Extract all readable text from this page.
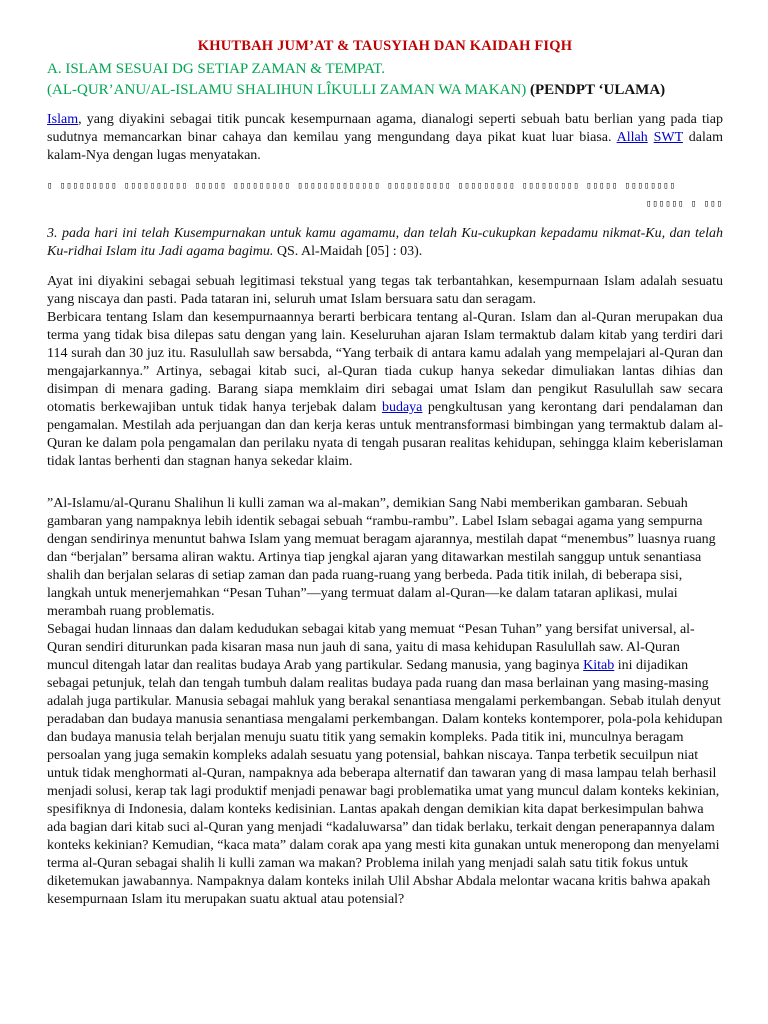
KHUTBAH JUM’AT & TAUSYIAH DAN KAIDAH FIQH
A. ISLAM SESUAI DG SETIAP ZAMAN & TEMPAT.
(AL-QUR’ANU/AL-ISLAMU SHALIHUN LÎKULLI ZAMAN WA MAKAN) (PENDPT ‘ULAMA)

Islam, yang diyakini sebagai titik puncak kesempurnaan agama, dianalogi seperti sebuah batu berlian yang pada tiap sudutnya memancarkan binar cahaya dan kemilau yang mengundang daya pikat kuat luar biasa. Allah SWT dalam kalam-Nya dengan lugas menyatakan.

▯ ▯▯▯▯▯▯▯▯▯ ▯▯▯▯▯▯▯▯▯▯ ▯▯▯▯▯ ▯▯▯▯▯▯▯▯▯ ▯▯▯▯▯▯▯▯▯▯▯▯▯ ▯▯▯▯▯▯▯▯▯▯ ▯▯▯▯▯▯▯▯▯ ▯▯▯▯▯▯▯▯▯ ▯▯▯▯▯ ▯▯▯▯▯▯▯▯
▯▯▯▯▯▯ ▯ ▯▯▯

3. pada hari ini telah Kusempurnakan untuk kamu agamamu, dan telah Ku-cukupkan kepadamu nikmat-Ku, dan telah Ku-ridhai Islam itu Jadi agama bagimu. QS. Al-Maidah [05] : 03).

Ayat ini diyakini sebagai sebuah legitimasi tekstual yang tegas tak terbantahkan, kesempurnaan Islam adalah sesuatu yang niscaya dan pasti. Pada tataran ini, seluruh umat Islam bersuara satu dan seragam.

Berbicara tentang Islam dan kesempurnaannya berarti berbicara tentang al-Quran. Islam dan al-Quran merupakan dua terma yang tidak bisa dilepas satu dengan yang lain. Keseluruhan ajaran Islam termaktub dalam kitab yang terdiri dari 114 surah dan 30 juz itu. Rasulullah saw bersabda, “Yang terbaik di antara kamu adalah yang mempelajari al-Quran dan mengajarkannya.” Artinya, sebagai kitab suci, al-Quran tiada cukup hanya sekedar dimuliakan lantas dihias dan disimpan di menara gading. Barang siapa memklaim diri sebagai umat Islam dan pengikut Rasulullah saw secara otomatis berkewajiban untuk tidak hanya terjebak dalam budaya pengkultusan yang kerontang dari pendalaman dan pengamalan. Mestilah ada perjuangan dan dan kerja keras untuk mentransformasi bimbingan yang termaktub dalam al-Quran ke dalam pola pengamalan dan perilaku nyata di tengah pusaran realitas kehidupan, sehingga klaim keberislaman tidak lantas berhenti dan stagnan hanya sekedar klaim.

”Al-Islamu/al-Quranu Shalihun li kulli zaman wa al-makan”, demikian Sang Nabi memberikan gambaran. Sebuah gambaran yang nampaknya lebih identik sebagai sebuah “rambu-rambu”. Label Islam sebagai agama yang sempurna dengan sendirinya menuntut bahwa Islam yang memuat beragam ajarannya, mestilah dapat “menembus” luasnya ruang dan “berjalan” bersama aliran waktu. Artinya tiap jengkal ajaran yang ditawarkan mestilah sanggup untuk senantiasa shalih dan berjalan selaras di setiap zaman dan pada ruang-ruang yang berbeda. Pada titik inilah, di beberapa sisi, langkah untuk menerjemahkan “Pesan Tuhan”—yang termuat dalam al-Quran—ke dalam tataran aplikasi, mulai merambah ruang problematis.

Sebagai hudan linnaas dan dalam kedudukan sebagai kitab yang memuat “Pesan Tuhan” yang bersifat universal, al-Quran sendiri diturunkan pada kisaran masa nun jauh di sana, yaitu di masa kehidupan Rasulullah saw. Al-Quran muncul ditengah latar dan realitas budaya Arab yang partikular. Sedang manusia, yang baginya Kitab ini dijadikan sebagai petunjuk, telah dan tengah tumbuh dalam realitas budaya pada ruang dan masa berlainan yang masing-masing adalah juga partikular. Manusia sebagai mahluk yang berakal senantiasa mengalami perkembangan. Sebab itulah denyut peradaban dan budaya manusia senantiasa mengalami perkembangan. Dalam konteks kontemporer, pola-pola kehidupan dan budaya manusia telah berjalan menuju suatu titik yang semakin kompleks. Pada titik ini, munculnya beragam persoalan yang juga semakin kompleks adalah sesuatu yang potensial, bahkan niscaya. Tanpa terbetik secuilpun niat untuk tidak menghormati al-Quran, nampaknya ada beberapa alternatif dan tawaran yang di masa lampau telah berhasil menjadi solusi, kerap tak lagi produktif menjadi penawar bagi problematika umat yang muncul dalam konteks kekinian, spesifiknya di Indonesia, dalam konteks kedisinian. Lantas apakah dengan demikian kita dapat berkesimpulan bahwa ada bagian dari kitab suci al-Quran yang menjadi “kadaluwarsa” dan tidak berlaku, terkait dengan penerapannya dalam konteks kekinian? Kemudian, “kaca mata” dalam corak apa yang mesti kita gunakan untuk meneropong dan menyelami terma al-Quran sebagai shalih li kulli zaman wa makan? Problema inilah yang menjadi salah satu titik fokus untuk diketemukan jawabannya. Nampaknya dalam konteks inilah Ulil Abshar Abdala melontar wacana kritis bahwa apakah kesempurnaan Islam itu merupakan suatu aktual atau potensial?
